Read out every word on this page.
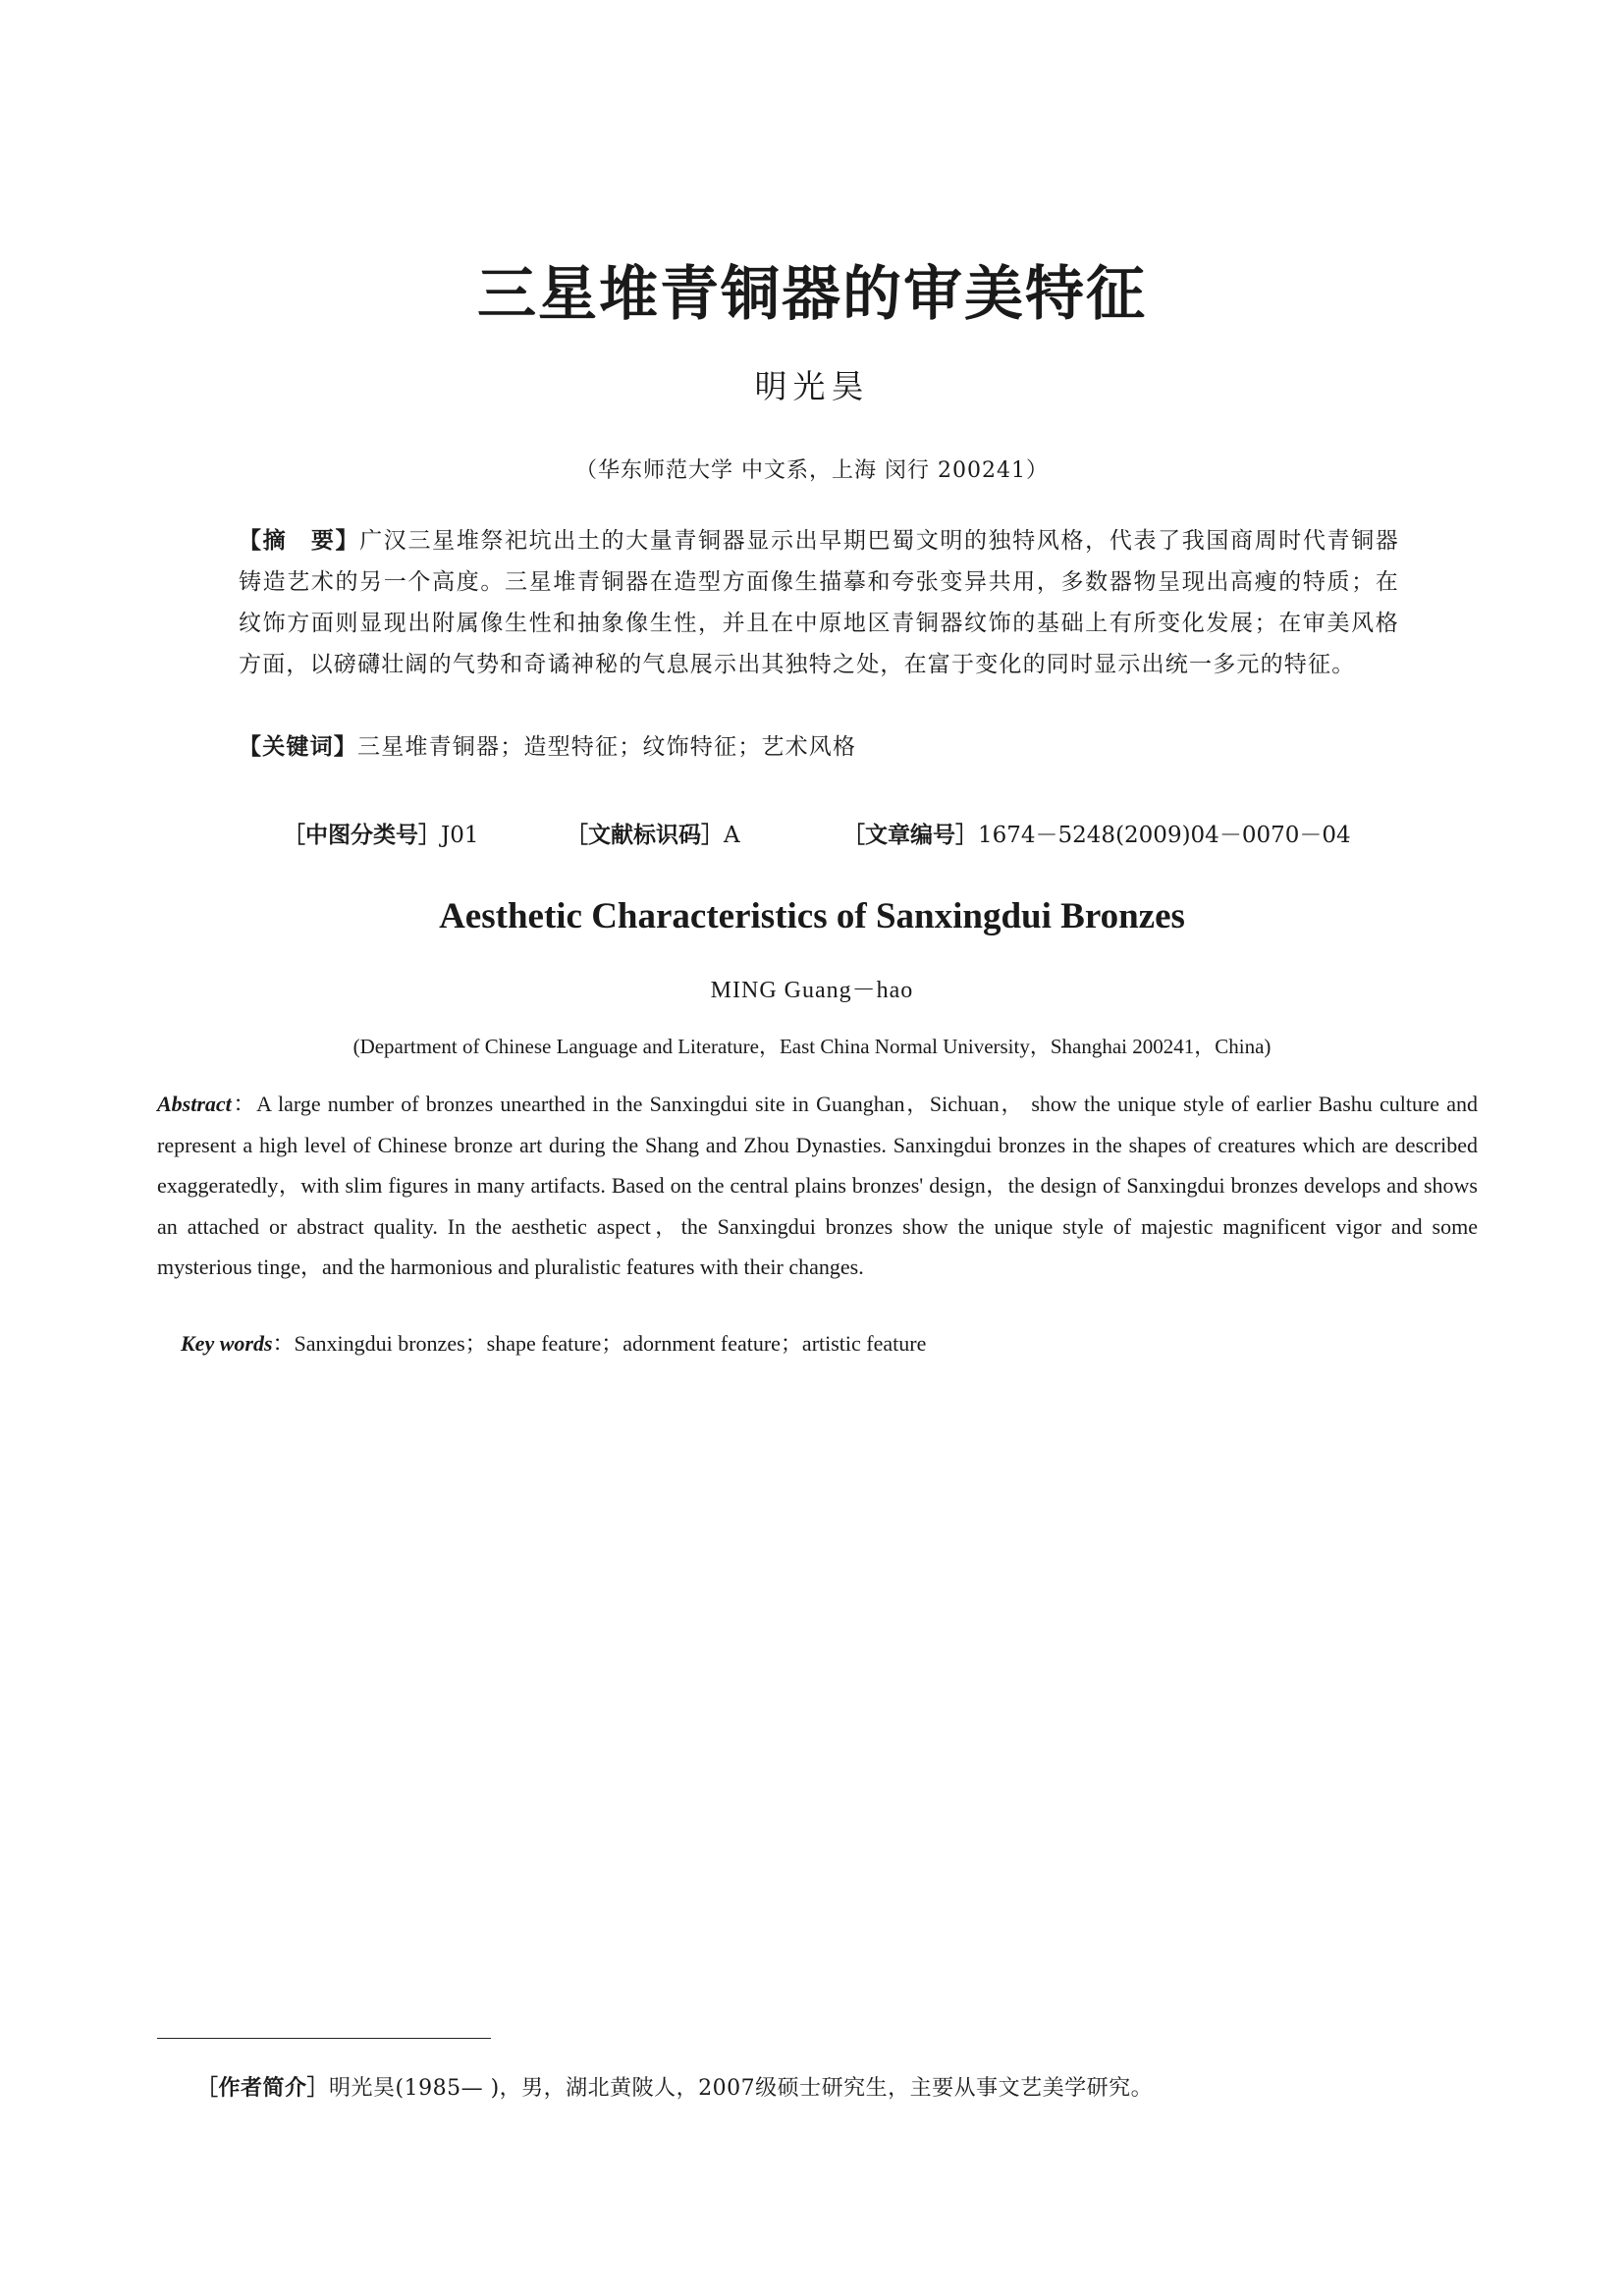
三星堆青铜器的审美特征
明光昊
（华东师范大学 中文系，上海 闵行 200241）
【摘　要】广汉三星堆祭祀坑出土的大量青铜器显示出早期巴蜀文明的独特风格，代表了我国商周时代青铜器铸造艺术的另一个高度。三星堆青铜器在造型方面像生描摹和夸张变异共用，多数器物呈现出高瘦的特质；在纹饰方面则显现出附属像生性和抽象像生性，并且在中原地区青铜器纹饰的基础上有所变化发展；在审美风格方面，以磅礴壮阔的气势和奇谲神秘的气息展示出其独特之处，在富于变化的同时显示出统一多元的特征。
【关键词】三星堆青铜器；造型特征；纹饰特征；艺术风格
［中图分类号］J01	［文献标识码］A	［文章编号］1674－5248(2009)04－0070－04
Aesthetic Characteristics of Sanxingdui Bronzes
MING Guang－hao
(Department of Chinese Language and Literature，East China Normal University，Shanghai 200241，China)
Abstract：A large number of bronzes unearthed in the Sanxingdui site in Guanghan，Sichuan， show the unique style of earlier Bashu culture and represent a high level of Chinese bronze art during the Shang and Zhou Dynasties. Sanxingdui bronzes in the shapes of creatures which are described exaggeratedly，with slim figures in many artifacts. Based on the central plains bronzes' design，the design of Sanxingdui bronzes develops and shows an attached or abstract quality. In the aesthetic aspect，the Sanxingdui bronzes show the unique style of majestic magnificent vigor and some mysterious tinge，and the harmonious and pluralistic features with their changes.
Key words：Sanxingdui bronzes；shape feature；adornment feature；artistic feature
［作者简介］明光昊(1985— )，男，湖北黄陂人，2007级硕士研究生，主要从事文艺美学研究。
